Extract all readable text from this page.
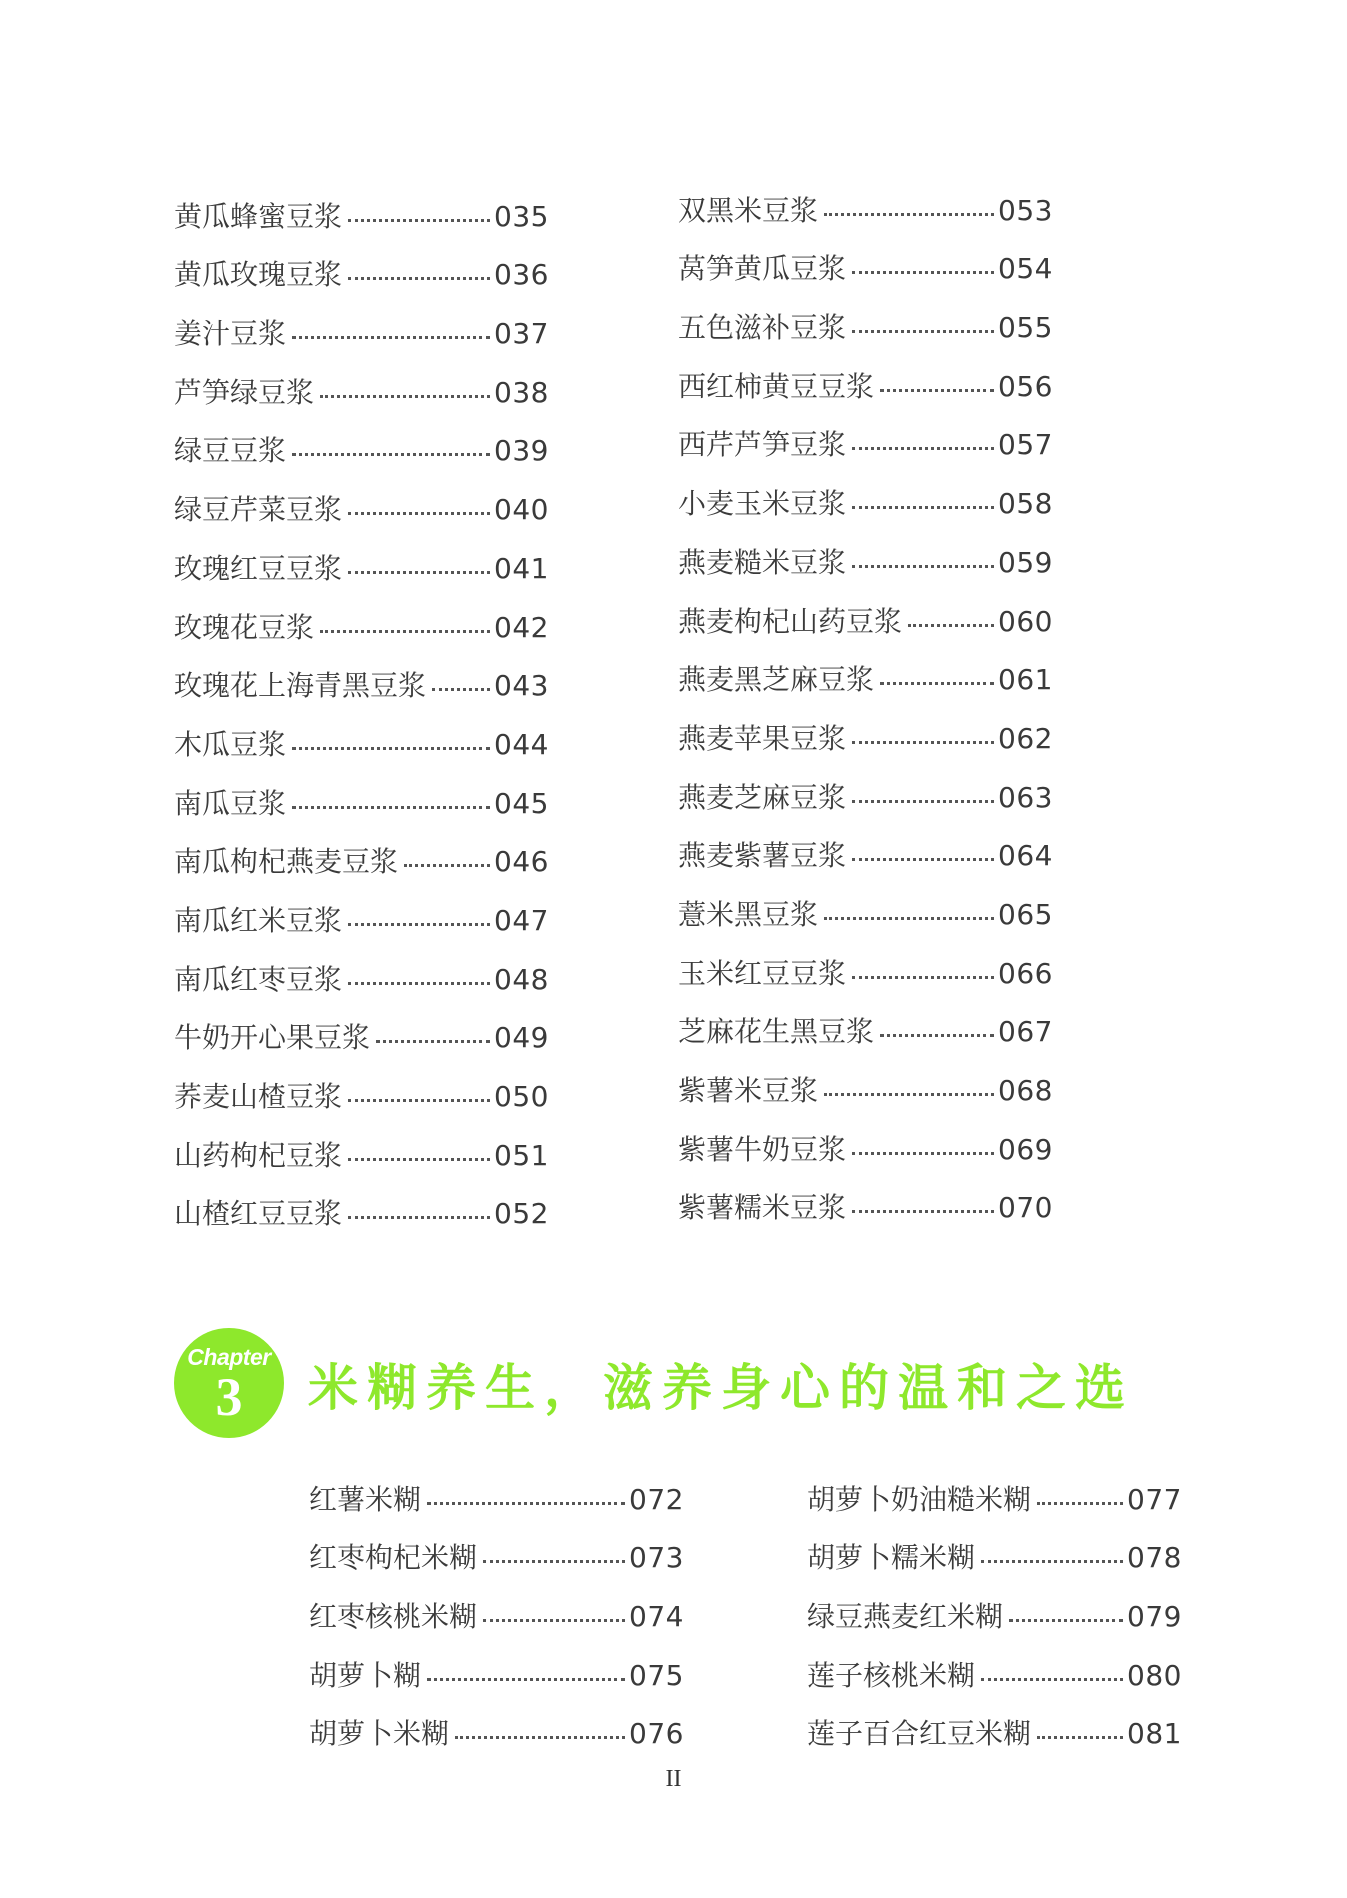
黄瓜蜂蜜豆浆	035
黄瓜玫瑰豆浆	036
姜汁豆浆	037
芦笋绿豆浆	038
绿豆豆浆	039
绿豆芹菜豆浆	040
玫瑰红豆豆浆	041
玫瑰花豆浆	042
玫瑰花上海青黑豆浆 043
木瓜豆浆	044
南瓜豆浆	045
南瓜枸杞燕麦豆浆	046
南瓜红米豆浆	047
南瓜红枣豆浆	048
牛奶开心果豆浆	049
荞麦山楂豆浆	050
山药枸杞豆浆	051
山楂红豆豆浆	052
双黑米豆浆	053
莴笋黄瓜豆浆	054
五色滋补豆浆	055
西红柿黄豆豆浆	056
西芹芦笋豆浆	057
小麦玉米豆浆	058
燕麦糙米豆浆	059
燕麦枸杞山药豆浆	060
燕麦黑芝麻豆浆	061
燕麦苹果豆浆	062
燕麦芝麻豆浆	063
燕麦紫薯豆浆	064
薏米黑豆浆	065
玉米红豆豆浆	066
芝麻花生黑豆浆	067
紫薯米豆浆	068
紫薯牛奶豆浆	069
紫薯糯米豆浆	070
Chapter
3	米糊养生，滋养身心的温和之选
红薯米糊	072
红枣枸杞米糊	073
红枣核桃米糊	074
胡萝卜糊	075
胡萝卜米糊	076
胡萝卜奶油糙米糊	077
胡萝卜糯米糊	078
绿豆燕麦红米糊	079
莲子核桃米糊	080
莲子百合红豆米糊	081
II
